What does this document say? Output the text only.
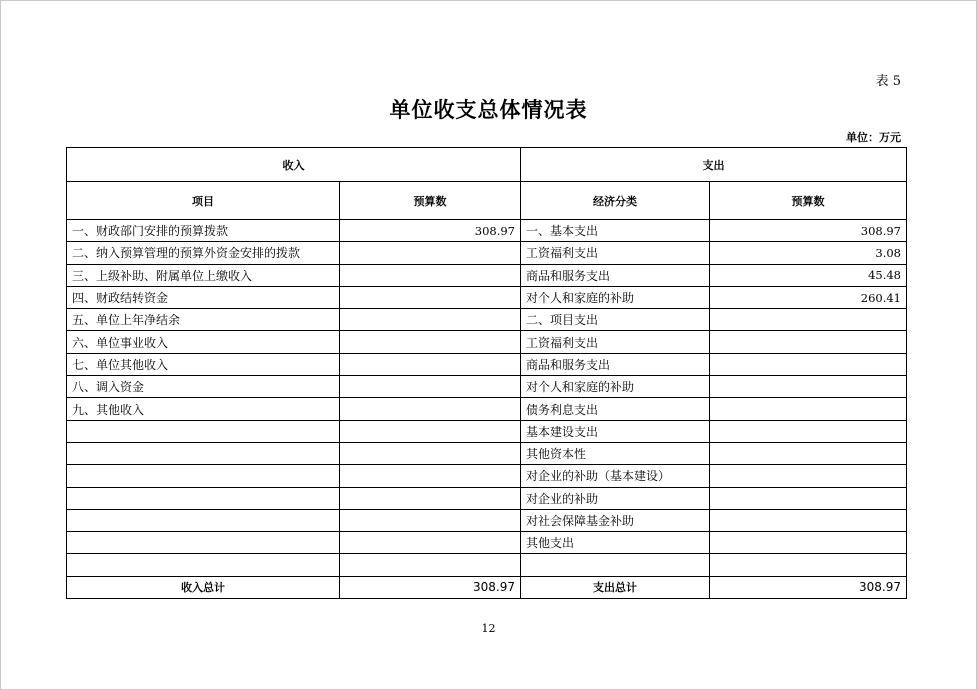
表 5
单位收支总体情况表
单位：万元
收入		支出	
项目	预算数	经济分类	预算数
一、财政部门安排的预算拨款	308.97	一、基本支出	308.97
二、纳入预算管理的预算外资金安排的拨款		工资福利支出	3.08
三、上级补助、附属单位上缴收入		商品和服务支出	45.48
四、财政结转资金		对个人和家庭的补助	260.41
五、单位上年净结余		二、项目支出	
六、单位事业收入		工资福利支出	
七、单位其他收入		商品和服务支出	
八、调入资金		对个人和家庭的补助	
九、其他收入		债务利息支出	
		基本建设支出	
		其他资本性	
		对企业的补助（基本建设）	
		对企业的补助	
		对社会保障基金补助	
		其他支出	

收入总计	308.97	支出总计	308.97
12
